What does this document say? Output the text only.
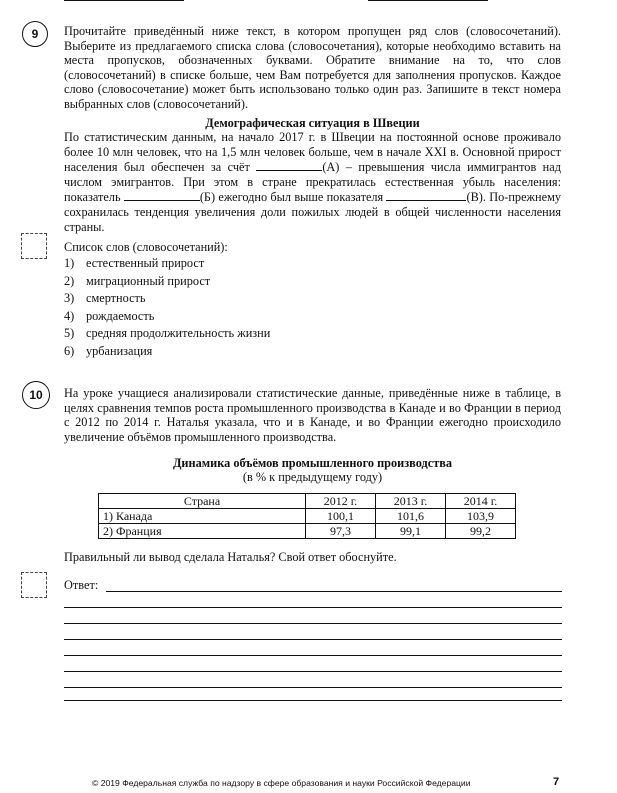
9	Прочитайте приведённый ниже текст, в котором пропущен ряд слов (словосочетаний). Выберите из предлагаемого списка слова (словосочетания), которые необходимо вставить на места пропусков, обозначенных буквами. Обратите внимание на то, что слов (словосочетаний) в списке больше, чем Вам потребуется для заполнения пропусков. Каждое слово (словосочетание) может быть использовано только один раз. Запишите в текст номера выбранных слов (словосочетаний).
Демографическая ситуация в Швеции
По статистическим данным, на начало 2017 г. в Швеции на постоянной основе проживало более 10 млн человек, что на 1,5 млн человек больше, чем в начале XXI в. Основной прирост населения был обеспечен за счёт	(А) – превышения числа иммигрантов над числом эмигрантов. При этом в стране прекратилась естественная убыль населения: показатель	(Б) ежегодно был выше показателя	(В). По-прежнему сохранилась тенденция увеличения доли пожилых людей в общей численности населения страны.
Список слов (словосочетаний):
1) естественный прирост
2) миграционный прирост
3) смертность
4) рождаемость
5) средняя продолжительность жизни
6) урбанизация
10	На уроке учащиеся анализировали статистические данные, приведённые ниже в таблице, в целях сравнения темпов роста промышленного производства в Канаде и во Франции в период с 2012 по 2014 г. Наталья указала, что и в Канаде, и во Франции ежегодно происходило увеличение объёмов промышленного производства.
Динамика объёмов промышленного производства
(в % к предыдущему году)
Страна	2012 г.	2013 г.	2014 г.
1) Канада	100,1	101,6	103,9
2) Франция	97,3	99,1	99,2
Правильный ли вывод сделала Наталья? Свой ответ обоснуйте.
Ответ:
© 2019 Федеральная служба по надзору в сфере образования и науки Российской Федерации	7
